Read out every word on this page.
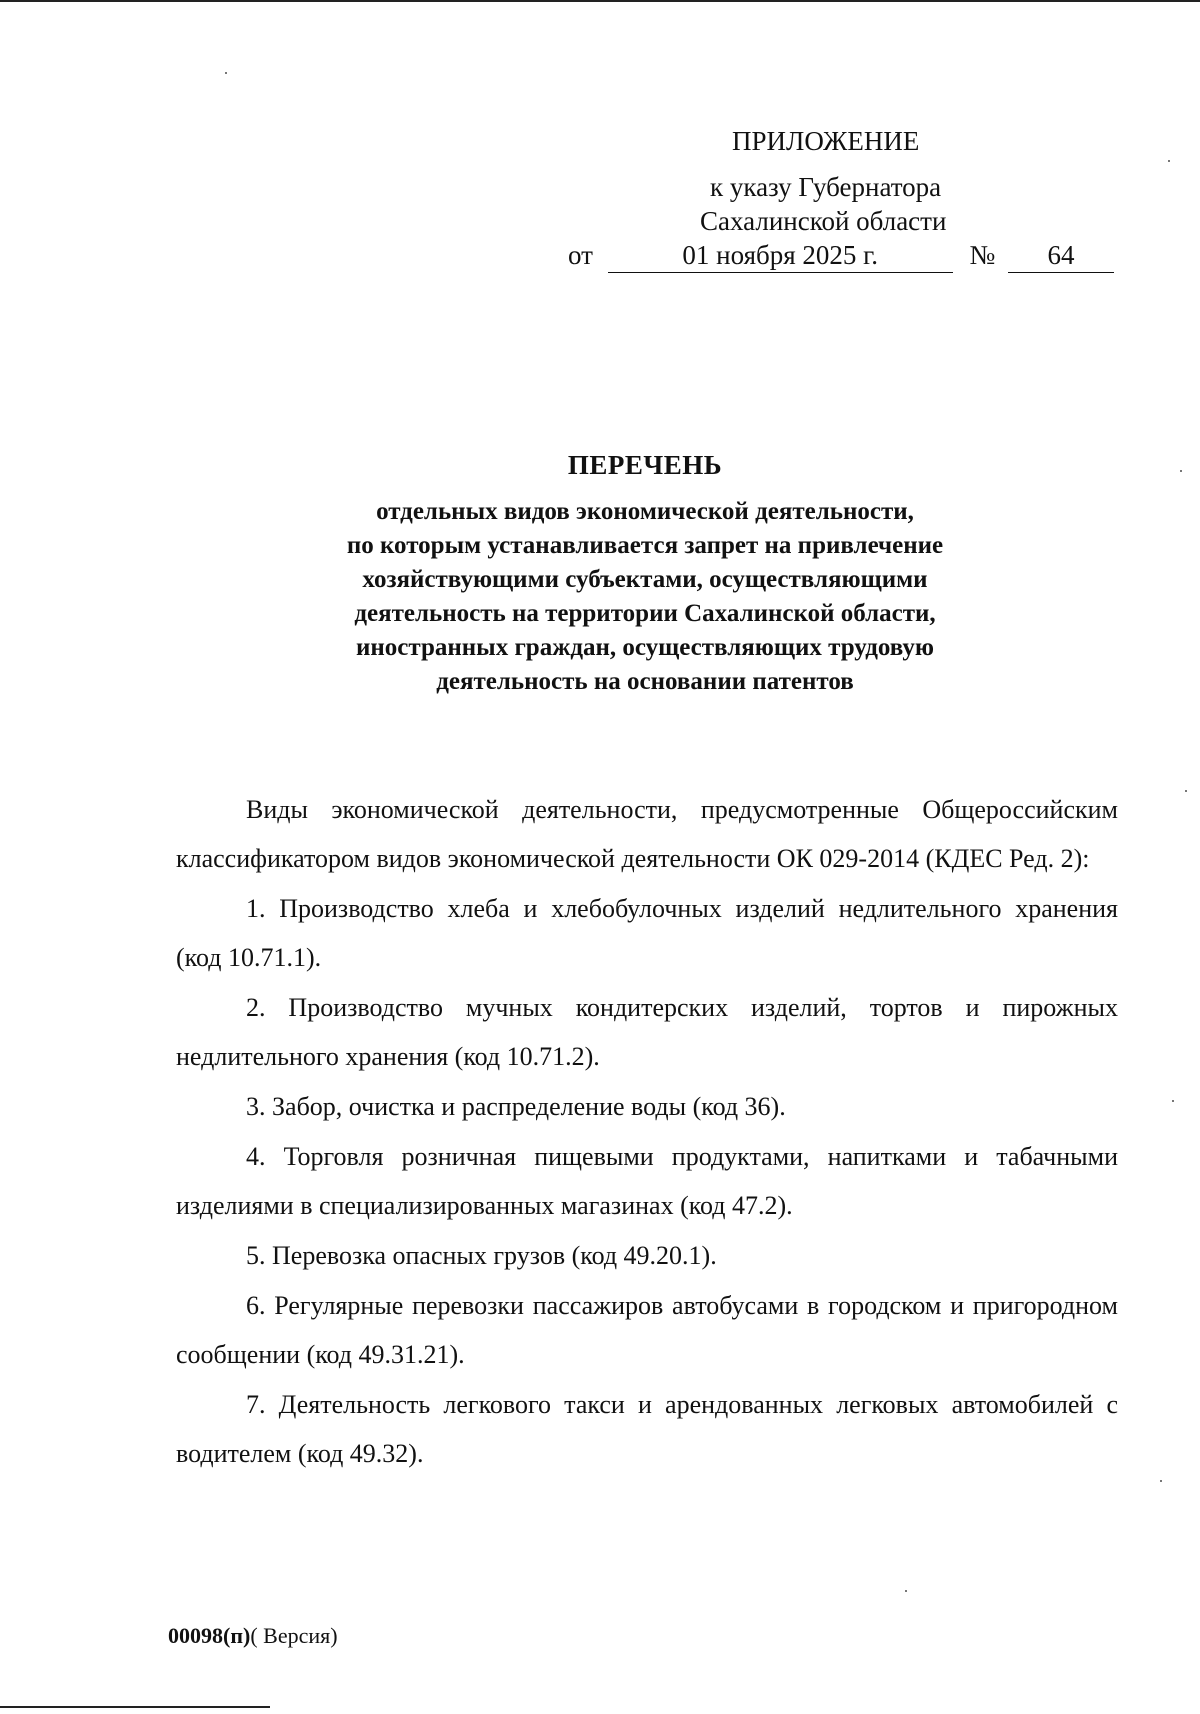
ПРИЛОЖЕНИЕ
к указу Губернатора
Сахалинской области
от	01 ноября 2025 г.	№ 64
ПЕРЕЧЕНЬ
отдельных видов экономической деятельности,
по которым устанавливается запрет на привлечение
хозяйствующими субъектами, осуществляющими
деятельность на территории Сахалинской области,
иностранных граждан, осуществляющих трудовую
деятельность на основании патентов

Виды экономической деятельности, предусмотренные Общероссийским классификатором видов экономической деятельности ОК 029-2014 (КДЕС Ред. 2):

1. Производство хлеба и хлебобулочных изделий недлительного хранения (код 10.71.1).

2. Производство мучных кондитерских изделий, тортов и пирожных недлительного хранения (код 10.71.2).

3. Забор, очистка и распределение воды (код 36).

4. Торговля розничная пищевыми продуктами, напитками и табачными изделиями в специализированных магазинах (код 47.2).

5. Перевозка опасных грузов (код 49.20.1).

6. Регулярные перевозки пассажиров автобусами в городском и пригородном сообщении (код 49.31.21).

7. Деятельность легкового такси и арендованных легковых автомобилей с водителем (код 49.32).

00098(п)( Версия)
